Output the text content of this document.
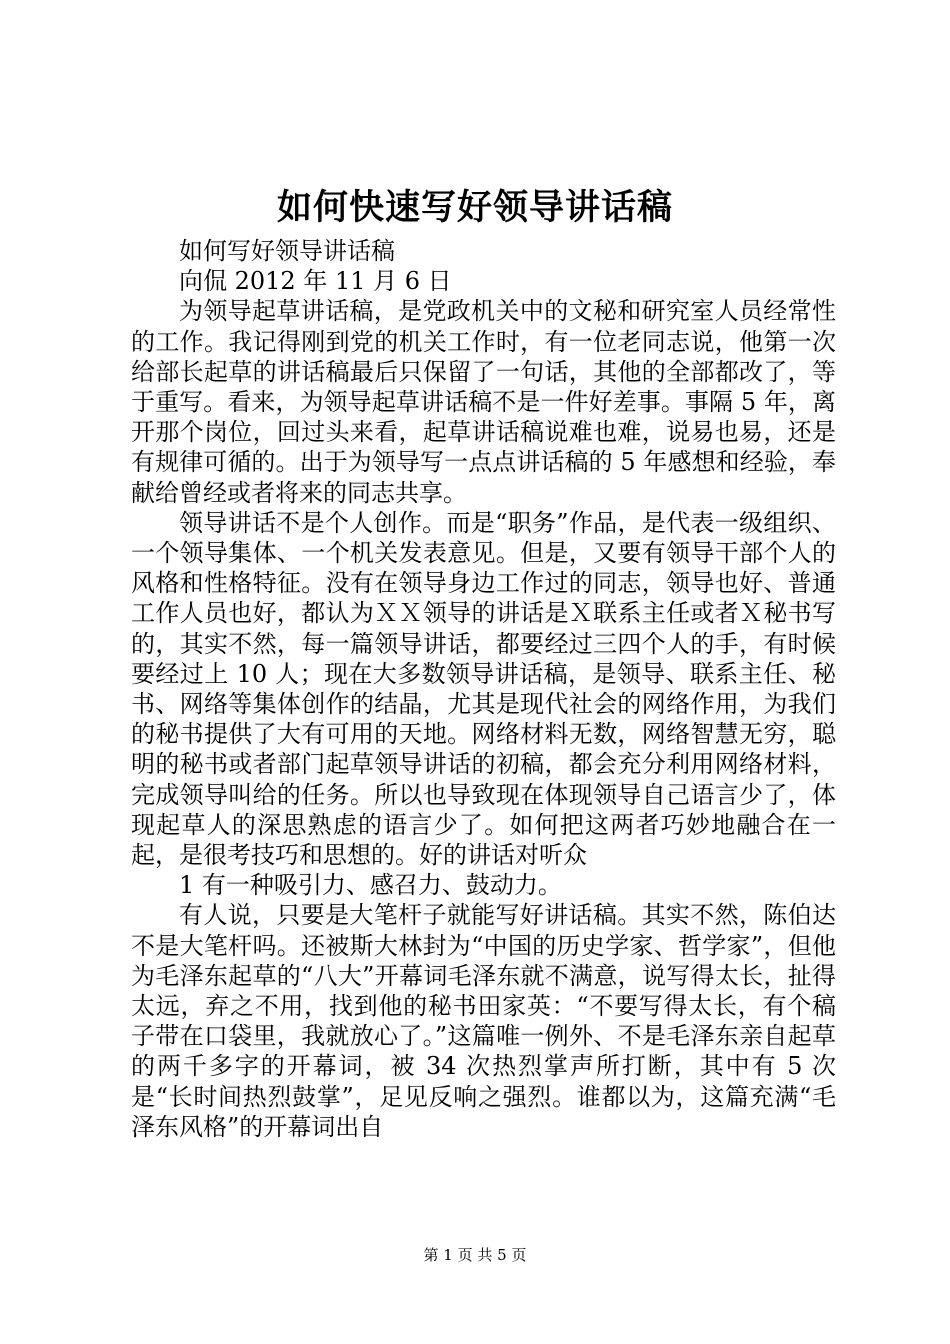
如何快速写好领导讲话稿

如何写好领导讲话稿

向侃 2012 年 11 月 6 日

为领导起草讲话稿，是党政机关中的文秘和研究室人员经常性的工作。我记得刚到党的机关工作时，有一位老同志说，他第一次给部长起草的讲话稿最后只保留了一句话，其他的全部都改了，等于重写。看来，为领导起草讲话稿不是一件好差事。事隔 5 年，离开那个岗位，回过头来看，起草讲话稿说难也难，说易也易，还是有规律可循的。出于为领导写一点点讲话稿的 5 年感想和经验，奉献给曾经或者将来的同志共享。

领导讲话不是个人创作。而是“职务”作品，是代表一级组织、一个领导集体、一个机关发表意见。但是，又要有领导干部个人的风格和性格特征。没有在领导身边工作过的同志，领导也好、普通工作人员也好，都认为ＸＸ领导的讲话是Ｘ联系主任或者Ｘ秘书写的，其实不然，每一篇领导讲话，都要经过三四个人的手，有时候要经过上 10 人；现在大多数领导讲话稿，是领导、联系主任、秘书、网络等集体创作的结晶，尤其是现代社会的网络作用，为我们的秘书提供了大有可用的天地。网络材料无数，网络智慧无穷，聪明的秘书或者部门起草领导讲话的初稿，都会充分利用网络材料，完成领导叫给的任务。所以也导致现在体现领导自己语言少了，体现起草人的深思熟虑的语言少了。如何把这两者巧妙地融合在一起，是很考技巧和思想的。好的讲话对听众

1 有一种吸引力、感召力、鼓动力。

有人说，只要是大笔杆子就能写好讲话稿。其实不然，陈伯达不是大笔杆吗。还被斯大林封为“中国的历史学家、哲学家”，但他为毛泽东起草的“八大”开幕词毛泽东就不满意，说写得太长，扯得太远，弃之不用，找到他的秘书田家英：“不要写得太长，有个稿子带在口袋里，我就放心了。”这篇唯一例外、不是毛泽东亲自起草的两千多字的开幕词，被 34 次热烈掌声所打断，其中有 5 次是“长时间热烈鼓掌”，足见反响之强烈。谁都以为，这篇充满“毛泽东风格”的开幕词出自

第 1 页 共 5 页
